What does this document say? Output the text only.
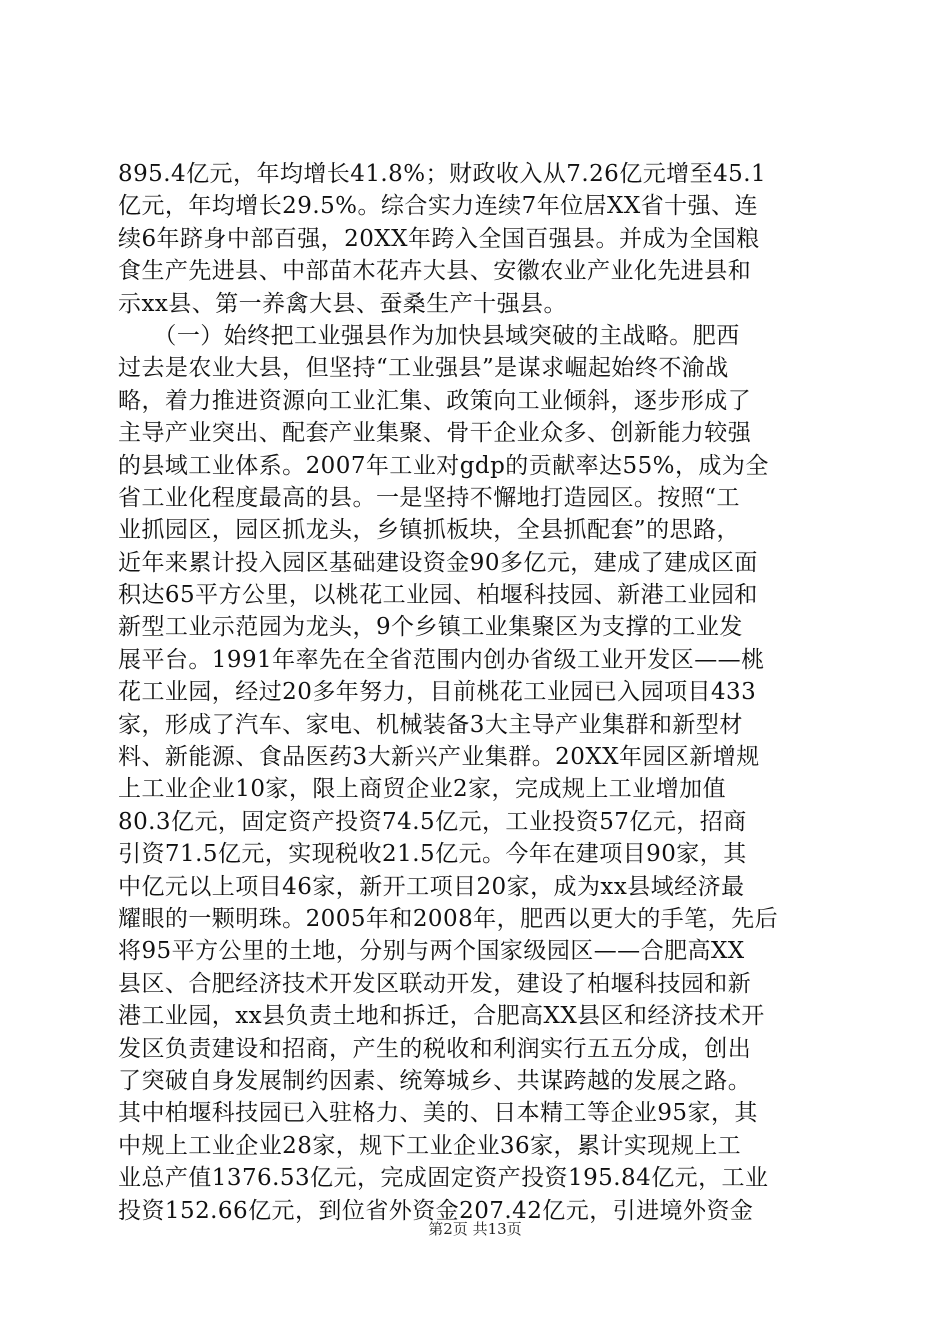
895.4亿元，年均增长41.8%；财政收入从7.26亿元增至45.1
亿元，年均增长29.5%。综合实力连续7年位居XX省十强、连
续6年跻身中部百强，20XX年跨入全国百强县。并成为全国粮
食生产先进县、中部苗木花卉大县、安徽农业产业化先进县和
示xx县、第一养禽大县、蚕桑生产十强县。
　　（一）始终把工业强县作为加快县域突破的主战略。肥西
过去是农业大县，但坚持“工业强县”是谋求崛起始终不渝战
略，着力推进资源向工业汇集、政策向工业倾斜，逐步形成了
主导产业突出、配套产业集聚、骨干企业众多、创新能力较强
的县域工业体系。2007年工业对gdp的贡献率达55%，成为全
省工业化程度最高的县。一是坚持不懈地打造园区。按照“工
业抓园区，园区抓龙头，乡镇抓板块，全县抓配套”的思路，
近年来累计投入园区基础建设资金90多亿元，建成了建成区面
积达65平方公里，以桃花工业园、柏堰科技园、新港工业园和
新型工业示范园为龙头，9个乡镇工业集聚区为支撑的工业发
展平台。1991年率先在全省范围内创办省级工业开发区——桃
花工业园，经过20多年努力，目前桃花工业园已入园项目433
家，形成了汽车、家电、机械装备3大主导产业集群和新型材
料、新能源、食品医药3大新兴产业集群。20XX年园区新增规
上工业企业10家，限上商贸企业2家，完成规上工业增加值
80.3亿元，固定资产投资74.5亿元，工业投资57亿元，招商
引资71.5亿元，实现税收21.5亿元。今年在建项目90家，其
中亿元以上项目46家，新开工项目20家，成为xx县域经济最
耀眼的一颗明珠。2005年和2008年，肥西以更大的手笔，先后
将95平方公里的土地，分别与两个国家级园区——合肥高XX
县区、合肥经济技术开发区联动开发，建设了柏堰科技园和新
港工业园，xx县负责土地和拆迁，合肥高XX县区和经济技术开
发区负责建设和招商，产生的税收和利润实行五五分成，创出
了突破自身发展制约因素、统筹城乡、共谋跨越的发展之路。
其中柏堰科技园已入驻格力、美的、日本精工等企业95家，其
中规上工业企业28家，规下工业企业36家，累计实现规上工
业总产值1376.53亿元，完成固定资产投资195.84亿元，工业
投资152.66亿元，到位省外资金207.42亿元，引进境外资金
第2页 共13页
